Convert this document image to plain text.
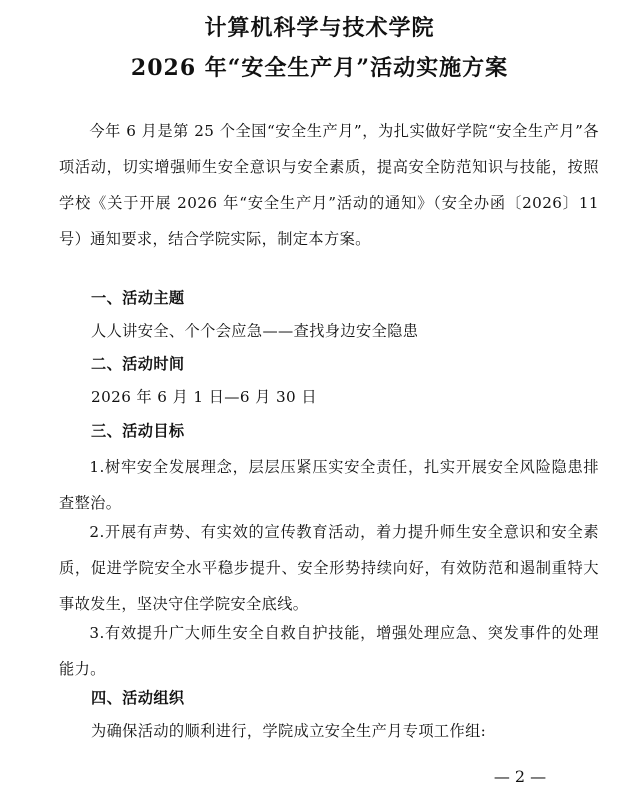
计算机科学与技术学院
2026 年“安全生产月”活动实施方案
今年 6 月是第 25 个全国“安全生产月”，为扎实做好学院“安全生产月”各项活动，切实增强师生安全意识与安全素质，提高安全防范知识与技能，按照学校《关于开展 2026 年“安全生产月”活动的通知》（安全办函〔2026〕11 号）通知要求，结合学院实际，制定本方案。
一、活动主题
人人讲安全、个个会应急——查找身边安全隐患
二、活动时间
2026 年 6 月 1 日—6 月 30 日
三、活动目标
1.树牢安全发展理念，层层压紧压实安全责任，扎实开展安全风险隐患排查整治。
2.开展有声势、有实效的宣传教育活动，着力提升师生安全意识和安全素质，促进学院安全水平稳步提升、安全形势持续向好，有效防范和遏制重特大事故发生，坚决守住学院安全底线。
3.有效提升广大师生安全自救自护技能，增强处理应急、突发事件的处理能力。
四、活动组织
为确保活动的顺利进行，学院成立安全生产月专项工作组:
— 2 —
